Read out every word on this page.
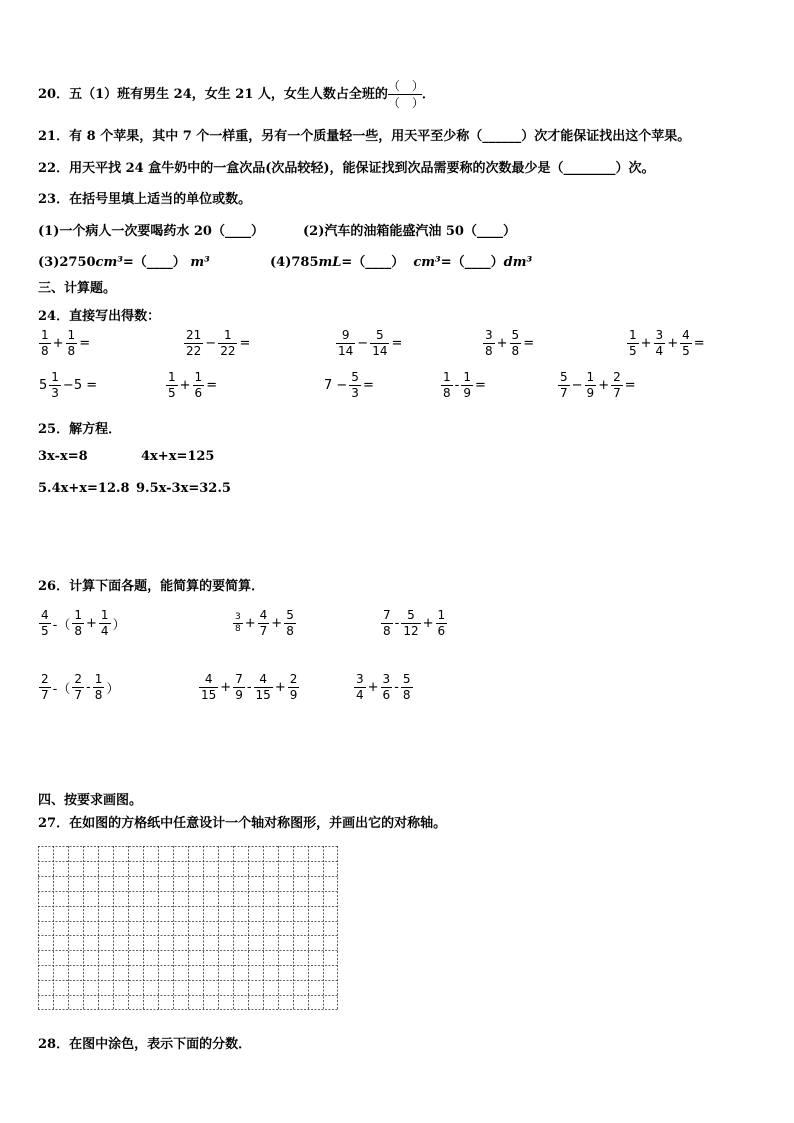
20．五（1）班有男生 24，女生 21 人，女生人数占全班的
（　）
（　）
．
21．有 8 个苹果，其中 7 个一样重，另有一个质量轻一些，用天平至少称（______）次才能保证找出这个苹果。
22．用天平找 24 盒牛奶中的一盒次品(次品较轻)，能保证找到次品需要称的次数最少是（________）次。
23．在括号里填上适当的单位或数。
(1)一个病人一次要喝药水 20（____）	(2)汽车的油箱能盛汽油 50（____）
(3)2750cm³=（____） m³	(4)785mL=（____） cm³=（____）dm³
三、计算题。
24．直接写出得数：
$\frac{1}{8} + \frac{1}{8}$ =	$\frac{21}{22} - \frac{1}{22}$ =	$\frac{9}{14} - \frac{5}{14}$ =	$\frac{3}{8} + \frac{5}{8}$ =	$\frac{1}{5} + \frac{3}{4} + \frac{4}{5}$ =
$5 \frac{1}{3} -5$ =	$\frac{1}{5} + \frac{1}{6}$ =	$7 - \frac{5}{3}$ =	$\frac{1}{8} - \frac{1}{9}$ =	$\frac{5}{7} - \frac{1}{9} + \frac{2}{7}$ =
25．解方程．
3x-x=8	4x+x=125
5.4x+x=12.8 9.5x-3x=32.5
26．计算下面各题，能简算的要简算．
$\frac{4}{5}$ -（ $\frac{1}{8} + \frac{1}{4}$ ）	$\frac{3}{8} + \frac{4}{7} + \frac{5}{8}$	$\frac{7}{8} - \frac{5}{12} + \frac{1}{6}$
$\frac{2}{7}$ -（ $\frac{2}{7} - \frac{1}{8}$ ）	$\frac{4}{15} + \frac{7}{9} - \frac{4}{15} + \frac{2}{9}$	$\frac{3}{4} + \frac{3}{6} - \frac{5}{8}$
四、按要求画图。
27．在如图的方格纸中任意设计一个轴对称图形，并画出它的对称轴。
28．在图中涂色，表示下面的分数．
